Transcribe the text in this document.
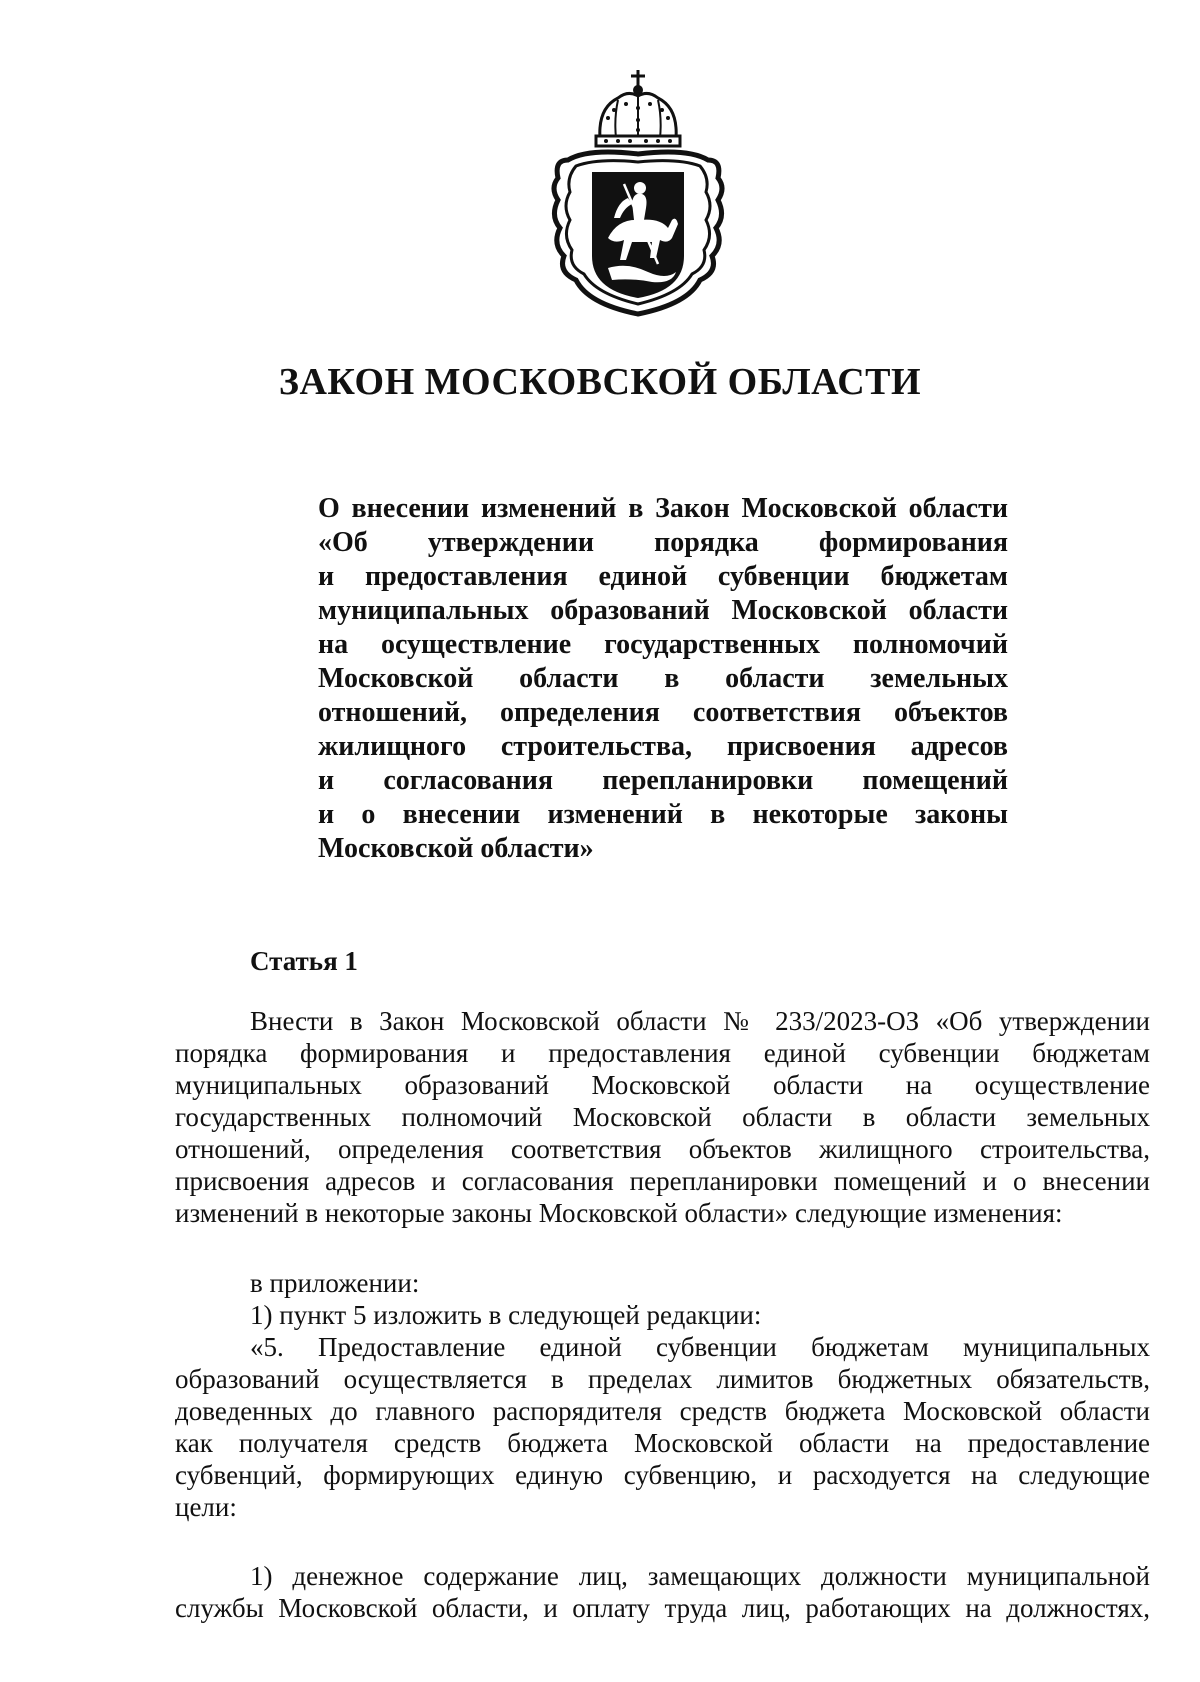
ЗАКОН МОСКОВСКОЙ ОБЛАСТИ
О внесении изменений в Закон Московской области
«Об утверждении порядка формирования
и предоставления единой субвенции бюджетам
муниципальных образований Московской области
на осуществление государственных полномочий
Московской области в области земельных
отношений, определения соответствия объектов
жилищного строительства, присвоения адресов
и согласования перепланировки помещений
и о внесении изменений в некоторые законы
Московской области»
Статья 1
Внести в Закон Московской области № 233/2023-ОЗ «Об утверждении
порядка формирования и предоставления единой субвенции бюджетам
муниципальных образований Московской области на осуществление
государственных полномочий Московской области в области земельных
отношений, определения соответствия объектов жилищного строительства,
присвоения адресов и согласования перепланировки помещений и о внесении
изменений в некоторые законы Московской области» следующие изменения:
в приложении:
1) пункт 5 изложить в следующей редакции:
«5. Предоставление единой субвенции бюджетам муниципальных
образований осуществляется в пределах лимитов бюджетных обязательств,
доведенных до главного распорядителя средств бюджета Московской области
как получателя средств бюджета Московской области на предоставление
субвенций, формирующих единую субвенцию, и расходуется на следующие
цели:
1) денежное содержание лиц, замещающих должности муниципальной
службы Московской области, и оплату труда лиц, работающих на должностях,
